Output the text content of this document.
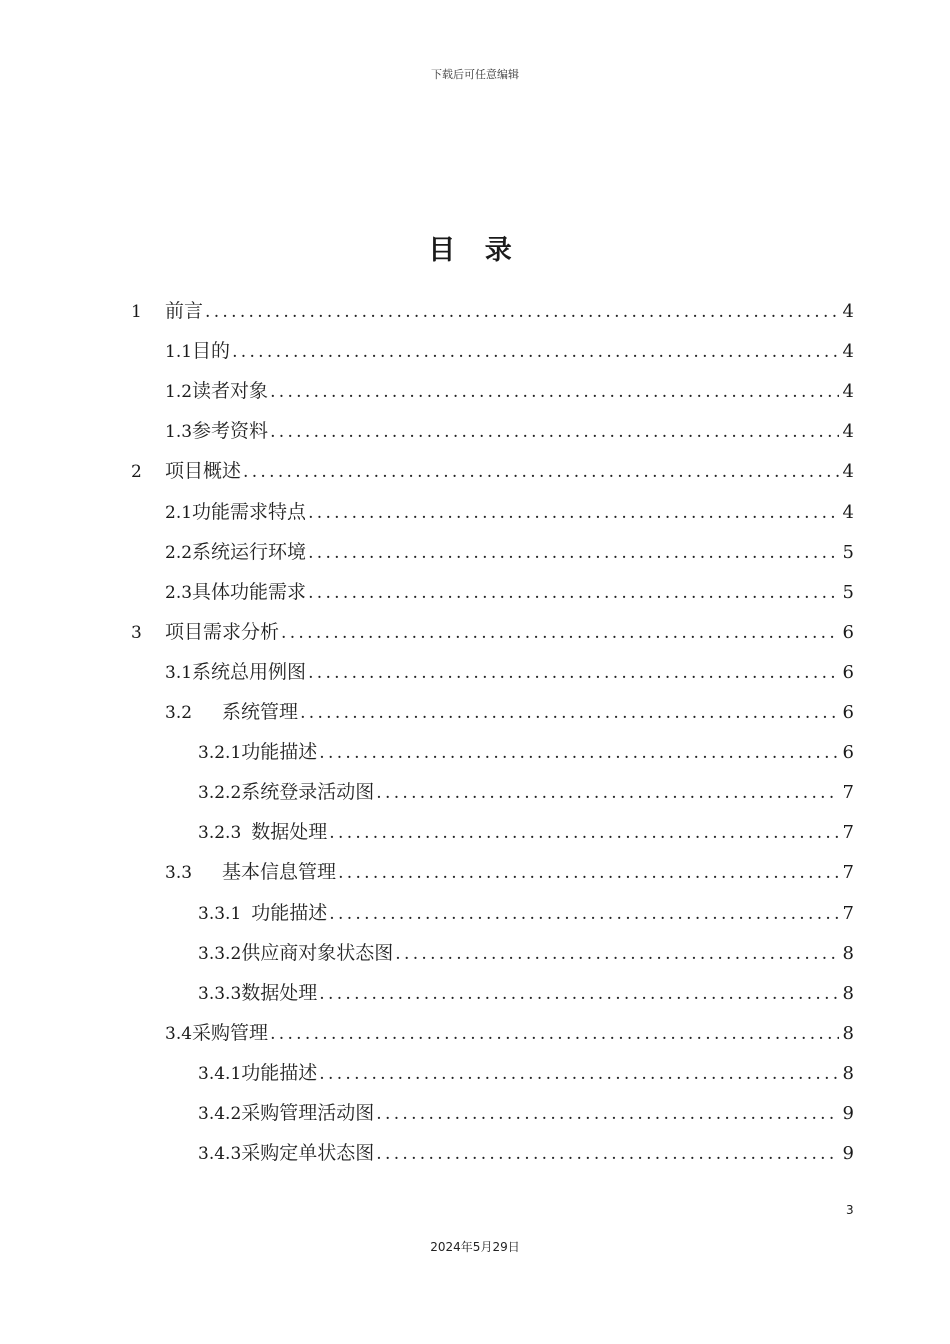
下载后可任意编辑
目 录
1	前言 .....	4
1.1 目的 .....	4
1.2 读者对象 .....	4
1.3 参考资料 .....	4
2	项目概述 .....	4
2.1 功能需求特点 .....	4
2.2 系统运行环境 .....	5
2.3 具体功能需求 .....	5
3	项目需求分析 .....	6
3.1 系统总用例图 .....	6
3.2 系统管理 .....	6
3.2.1 功能描述 .....	6
3.2.2 系统登录活动图 .....	7
3.2.3 数据处理 .....	7
3.3 基本信息管理 .....	7
3.3.1 功能描述 .....	7
3.3.2 供应商对象状态图 .....	8
3.3.3 数据处理 .....	8
3.4 采购管理 .....	8
3.4.1 功能描述 .....	8
3.4.2 采购管理活动图 .....	9
3.4.3 采购定单状态图 .....	9
3
2024年5月29日
